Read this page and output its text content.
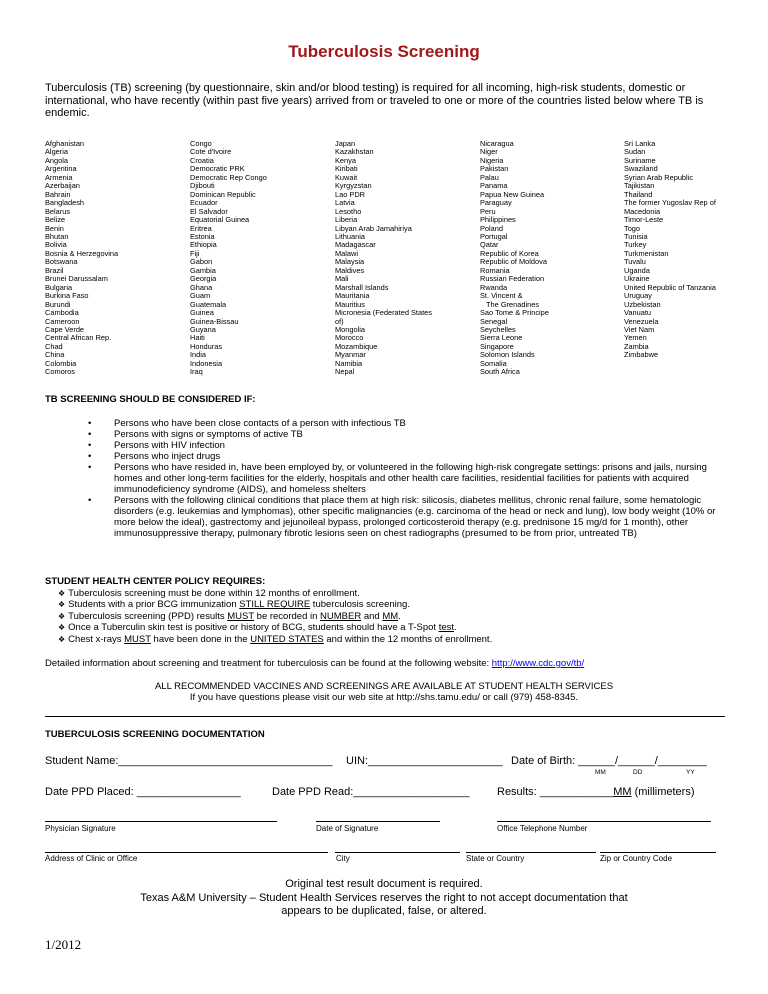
Tuberculosis Screening
Tuberculosis (TB) screening (by questionnaire, skin and/or blood testing) is required for all incoming, high-risk students, domestic or international, who have recently (within past five years) arrived from or traveled to one or more of the countries listed below where TB is endemic.
Afghanistan
Algeria
Angola
Argentina
Armenia
Azerbaijan
Bahrain
Bangladesh
Belarus
Belize
Benin
Bhutan
Bolivia
Bosnia & Herzegovina
Botswana
Brazil
Brunei Darussalam
Bulgaria
Burkina Faso
Burundi
Cambodia
Cameroon
Cape Verde
Central African Rep.
Chad
China
Colombia
Comoros
Congo
Cote d'Ivoire
Croatia
Democratic PRK
Democratic Rep Congo
Djibouti
Dominican Republic
Ecuador
El Salvador
Equatorial Guinea
Eritrea
Estonia
Ethiopia
Fiji
Gabon
Gambia
Georgia
Ghana
Guam
Guatemala
Guinea
Guinea-Bissau
Guyana
Haiti
Honduras
India
Indonesia
Iraq
Japan
Kazakhstan
Kenya
Kiribati
Kuwait
Kyrgyzstan
Lao PDR
Latvia
Lesotho
Liberia
Libyan Arab Jamahiriya
Lithuania
Madagascar
Malawi
Malaysia
Maldives
Mali
Marshall Islands
Mauritania
Mauritius
Micronesia (Federated States
of)
Mongolia
Morocco
Mozambique
Myanmar
Namibia
Nepal
Nicaragua
Niger
Nigeria
Pakistan
Palau
Panama
Papua New Guinea
Paraguay
Peru
Philippines
Poland
Portugal
Qatar
Republic of Korea
Republic of Moldova
Romania
Russian Federation
Rwanda
St. Vincent &
The Grenadines
Sao Tome & Principe
Senegal
Seychelles
Sierra Leone
Singapore
Solomon Islands
Somalia
South Africa
Sri Lanka
Sudan
Suriname
Swaziland
Syrian Arab Republic
Tajikistan
Thailand
The former Yugoslav Rep of
Macedonia
Timor-Leste
Togo
Tunisia
Turkey
Turkmenistan
Tuvalu
Uganda
Ukraine
United Republic of Tanzania
Uruguay
Uzbekistan
Vanuatu
Venezuela
Viet Nam
Yemen
Zambia
Zimbabwe
TB SCREENING SHOULD BE CONSIDERED IF:
• Persons who have been close contacts of a person with infectious TB
• Persons with signs or symptoms of active TB
• Persons with HIV infection
• Persons who inject drugs
• Persons who have resided in, have been employed by, or volunteered in the following high-risk congregate settings: prisons and jails, nursing homes and other long-term facilities for the elderly, hospitals and other health care facilities, residential facilities for patients with acquired immunodeficiency syndrome (AIDS), and homeless shelters
• Persons with the following clinical conditions that place them at high risk: silicosis, diabetes mellitus, chronic renal failure, some hematologic disorders (e.g. leukemias and lymphomas), other specific malignancies (e.g. carcinoma of the head or neck and lung), low body weight (10% or more below the ideal), gastrectomy and jejunoileal bypass, prolonged corticosteroid therapy (e.g. prednisone 15 mg/d for 1 month), other immunosuppressive therapy, pulmonary fibrotic lesions seen on chest radiographs (presumed to be from prior, untreated TB)
STUDENT HEALTH CENTER POLICY REQUIRES:
❖ Tuberculosis screening must be done within 12 months of enrollment.
❖ Students with a prior BCG immunization STILL REQUIRE tuberculosis screening.
❖ Tuberculosis screening (PPD) results MUST be recorded in NUMBER and MM.
❖ Once a Tuberculin skin test is positive or history of BCG, students should have a T-Spot test.
❖ Chest x-rays MUST have been done in the UNITED STATES and within the 12 months of enrollment.
Detailed information about screening and treatment for tuberculosis can be found at the following website: http://www.cdc.gov/tb/
ALL RECOMMENDED VACCINES AND SCREENINGS ARE AVAILABLE AT STUDENT HEALTH SERVICES
If you have questions please visit our web site at http://shs.tamu.edu/ or call (979) 458-8345.
TUBERCULOSIS SCREENING DOCUMENTATION
Student Name:___________________________________ UIN:______________________ Date of Birth: ______/______/________
MM	DD	YY
Date PPD Placed: _________________	Date PPD Read:___________________ Results: ____________MM (millimeters)
Physician Signature	Date of Signature	Office Telephone Number
Address of Clinic or Office	City	State or Country	Zip or Country Code
Original test result document is required.
Texas A&M University – Student Health Services reserves the right to not accept documentation that
appears to be duplicated, false, or altered.
1/2012
